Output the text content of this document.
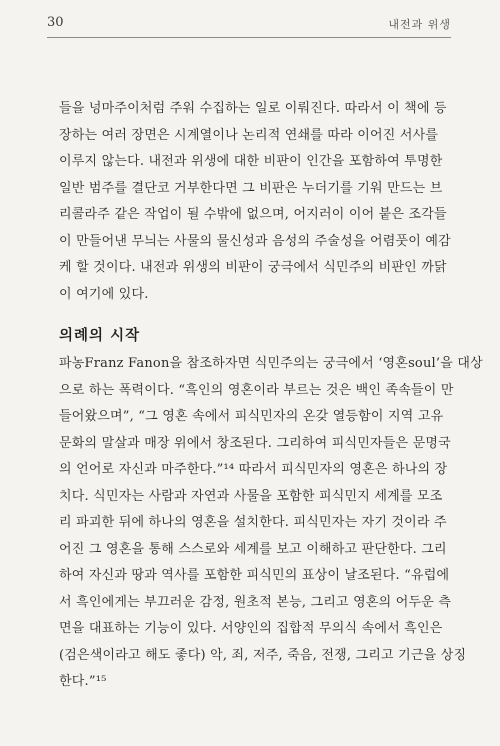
30	내전과 위생
들을 넝마주이처럼 주워 수집하는 일로 이뤄진다. 따라서 이 책에 등
장하는 여러 장면은 시계열이나 논리적 연쇄를 따라 이어진 서사를
이루지 않는다. 내전과 위생에 대한 비판이 인간을 포함하여 투명한
일반 범주를 결단코 거부한다면 그 비판은 누더기를 기워 만드는 브
리콜라주 같은 작업이 될 수밖에 없으며, 어지러이 이어 붙은 조각들
이 만들어낸 무늬는 사물의 물신성과 음성의 주술성을 어렴풋이 예감
케 할 것이다. 내전과 위생의 비판이 궁극에서 식민주의 비판인 까닭
이 여기에 있다.
의례의 시작
파농Franz Fanon을 참조하자면 식민주의는 궁극에서 ‘영혼soul’을 대상
으로 하는 폭력이다. “흑인의 영혼이라 부르는 것은 백인 족속들이 만
들어왔으며”, “그 영혼 속에서 피식민자의 온갖 열등함이 지역 고유
문화의 말살과 매장 위에서 창조된다. 그리하여 피식민자들은 문명국
의 언어로 자신과 마주한다.”¹⁴ 따라서 피식민자의 영혼은 하나의 장
치다. 식민자는 사람과 자연과 사물을 포함한 피식민지 세계를 모조
리 파괴한 뒤에 하나의 영혼을 설치한다. 피식민자는 자기 것이라 주
어진 그 영혼을 통해 스스로와 세계를 보고 이해하고 판단한다. 그리
하여 자신과 땅과 역사를 포함한 피식민의 표상이 날조된다. “유럽에
서 흑인에게는 부끄러운 감정, 원초적 본능, 그리고 영혼의 어두운 측
면을 대표하는 기능이 있다. 서양인의 집합적 무의식 속에서 흑인은
(검은색이라고 해도 좋다) 악, 죄, 저주, 죽음, 전쟁, 그리고 기근을 상징
한다.”¹⁵
